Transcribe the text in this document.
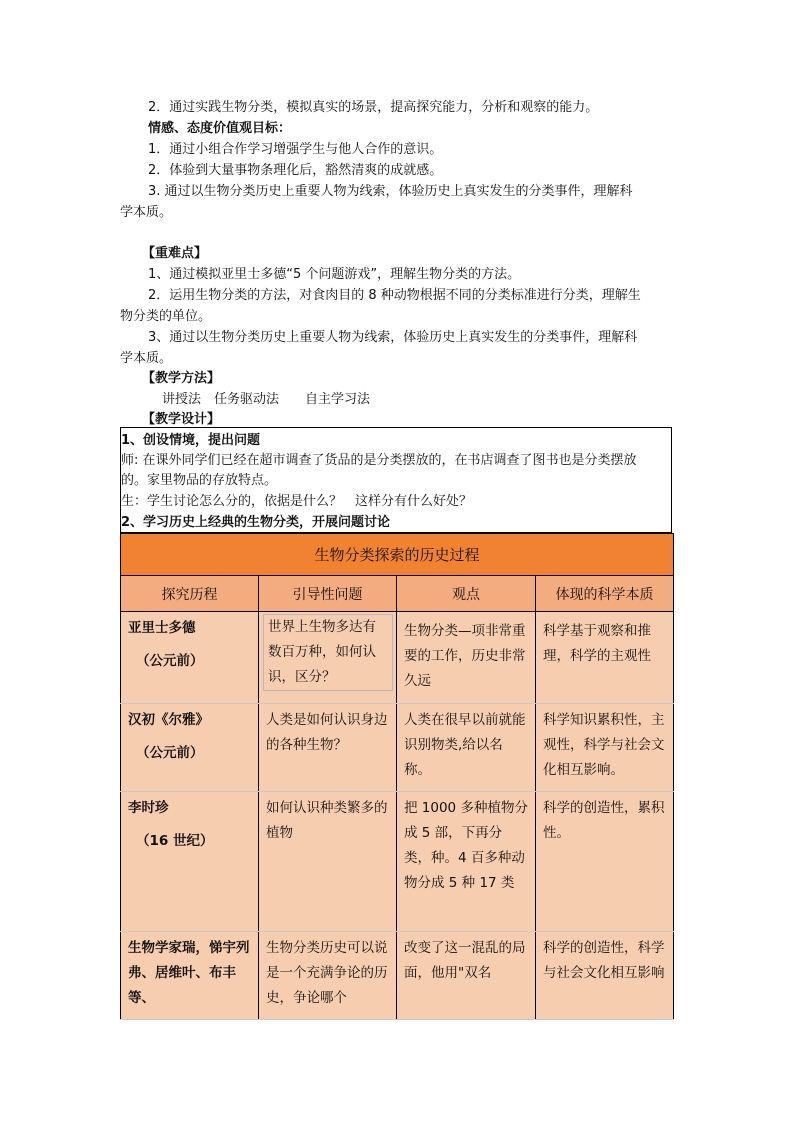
2．通过实践生物分类，模拟真实的场景，提高探究能力，分析和观察的能力。
情感、态度价值观目标：
1．通过小组合作学习增强学生与他人合作的意识。
2．体验到大量事物条理化后，豁然清爽的成就感。
3. 通过以生物分类历史上重要人物为线索，体验历史上真实发生的分类事件，理解科
学本质。
【重难点】
1、通过模拟亚里士多德“5 个问题游戏”，理解生物分类的方法。
2．运用生物分类的方法，对食肉目的 8 种动物根据不同的分类标准进行分类，理解生
物分类的单位。
3、通过以生物分类历史上重要人物为线索，体验历史上真实发生的分类事件，理解科
学本质。
【教学方法】
讲授法　任务驱动法　　自主学习法
【教学设计】
1、创设情境，提出问题
师: 在课外同学们已经在超市调查了货品的是分类摆放的，在书店调查了图书也是分类摆放
的。家里物品的存放特点。
生：学生讨论怎么分的，依据是什么？　这样分有什么好处？
2、学习历史上经典的生物分类，开展问题讨论
生物分类探索的历史过程			
探究历程	引导性问题	观点	体现的科学本质
亚里士多德
（公元前）	世界上生物多达有数百万种，如何认识，区分？	生物分类—项非常重要的工作，历史非常久远	科学基于观察和推理，科学的主观性

汉初《尔雅》
（公元前）	人类是如何认识身边的各种生物？	人类在很早以前就能识别物类,给以名称。	科学知识累积性，主观性，科学与社会文化相互影响。

李时珍
（16 世纪）	如何认识种类繁多的植物	把 1000 多种植物分成 5 部，下再分类，种。4 百多种动物分成 5 种 17 类	科学的创造性，累积性。

生物学家瑞，悌宇列弗、居维叶、布丰等、	生物分类历史可以说是一个充满争论的历史，争论哪个	改变了这一混乱的局面，他用"双名	科学的创造性，科学与社会文化相互影响
